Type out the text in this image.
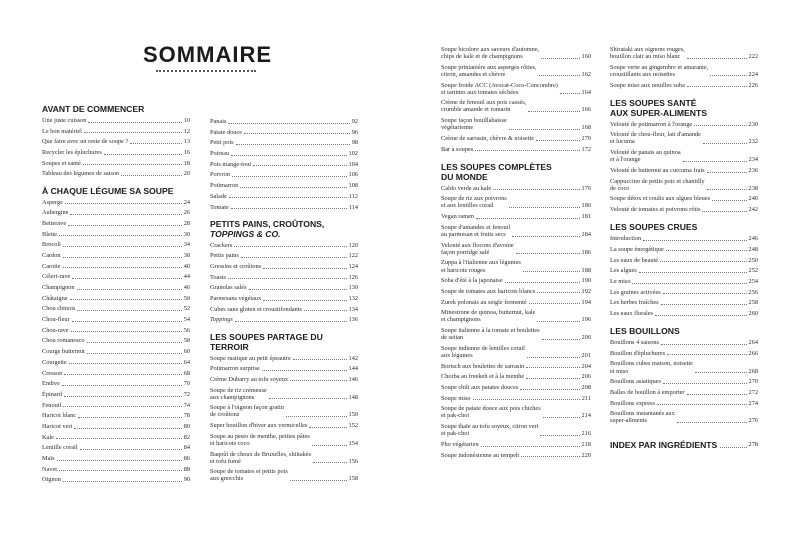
SOMMAIRE
AVANT DE COMMENCER
Une juste cuisson	10
Le bon matériel	12
Que faire avec un reste de soupe ?	13
Recycler les épluchures	16
Soupes et santé	18
Tableau des légumes de saison	20
À CHAQUE LÉGUME SA SOUPE
Asperge	24
Aubergine	26
Betterave	28
Blette	30
Brocoli	34
Cardon	38
Carotte	40
Céleri-rave	44
Champignon	46
Châtaigne	50
Chou chinois	52
Chou-fleur	54
Chou-rave	56
Chou romanesco	58
Courge butternut	60
Courgette	64
Cresson	68
Endive	70
Épinard	72
Fenouil	74
Haricot blanc	78
Haricot vert	80
Kale	82
Lentille corail	84
Maïs	86
Navet	88
Oignon	90
Panais	92
Patate douce	96
Petit pois	98
Poireau	102
Pois mange-tout	104
Poivron	106
Potimarron	108
Salade	112
Tomate	114
PETITS PAINS, CROÛTONS,
TOPPINGS & CO.
Crackers	120
Petits pains	122
Gressins et croûtons	124
Toasts	126
Granolas salés	130
Parmesans végétaux	132
Cubes sans gluten et croustifondants	134
Toppings	136
LES SOUPES PARTAGE DU TERROIR
Soupe rustique au petit épeautre	142
Potimarron surprise	144
Crème Dubarry au tofu soyeux	146
Soupe de riz crémeuse
aux champignons	148
Soupe à l'oignon façon gratin
de croûtons	150
Super bouillon d'hiver aux vermicelles	152
Soupe au pesto de menthe, petites pâtes
et haricots coco	154
Baqoût de choux de Bruxelles, shiitakés
et tofu fumé	156
Soupe de tomates et petits pois
aux gnocchis	158
Soupe bicolore aux saveurs d'automne,
chips de kale et de champignons	160
Soupe printanière aux asperges rôties,
citron, amandes et chèvre	162
Soupe froide ACC (Avocat-Coco-Concombre)
et tartines aux tomates séchées	164
Crème de fenouil aux pois cassés,
crumble amande et romarin	166
Soupe façon bouillabaisse
végétarienne	168
Crème de sarrasin, chèvre & noisette	170
Bar à soupes	172
LES SOUPES COMPLÈTES
DU MONDE
Caldo verde au kale	176
Soupe de riz aux poivrons
et aux lentilles corail	180
Vegan ramen	181
Soupe d'amandes et fenouil
au parmesan et fruits secs	184
Velouté aux flocons d'avoine
façon porridge salé	186
Zuppa à l'italienne aux légumes
et haricots rouges	188
Soba d'été à la japonaise	190
Soupe de tomates aux haricots blancs	192
Zurek polonais au seigle fermenté	194
Minestrone de quinoa, butternut, kale
et champignons	196
Soupe italienne à la tomate et boulettes
de seitan	200
Soupe indienne de lentilles corail
aux légumes	201
Bortsch aux boulettes de sarrasin	204
Chorba au freekeh et à la menthe	206
Soupe chili aux patates douces	208
Soupe miso	211
Soupe de patate douce aux pois chiches
et pak-choi	214
Soupe thaïe au tofu soyeux, citron vert
et pak-choi	216
Pho végétarien	218
Soupe indonésienne au tempeh	220
Shirataki aux oignons rouges,
bouillon clair au miso blanc	222
Soupe verte au gingembre et amarante,
croustillants aux noisettes	224
Soupe miso aux nouilles soba	226
LES SOUPES SANTÉ
AUX SUPER-ALIMENTS
Velouté de potimarron à l'orange	230
Velouté de chou-fleur, lait d'amande
et lucuma	232
Velouté de panais au quinoa
et à l'orange	234
Velouté de butternut au curcuma frais	236
Cappuccino de petits pois et chantilly
de coco	238
Soupe détox et coulis aux algues bleues	240
Velouté de tomates et poivrons rôtis	242
LES SOUPES CRUES
Introduction	246
La soupe énergétique	248
Les eaux de beauté	250
Les algues	252
Le miso	254
Les graines activées	256
Les herbes fraîches	258
Les eaux florales	260
LES BOUILLONS
Bouillons 4 saisons	264
Bouillon d'épluchures	266
Bouillons cubes maison, noisette
et miso	268
Bouillons asiatiques	270
Balles de bouillon à emporter	272
Bouillons express	274
Bouillons instantanés aux
super-aliments	276
INDEX PAR INGRÉDIENTS	278
